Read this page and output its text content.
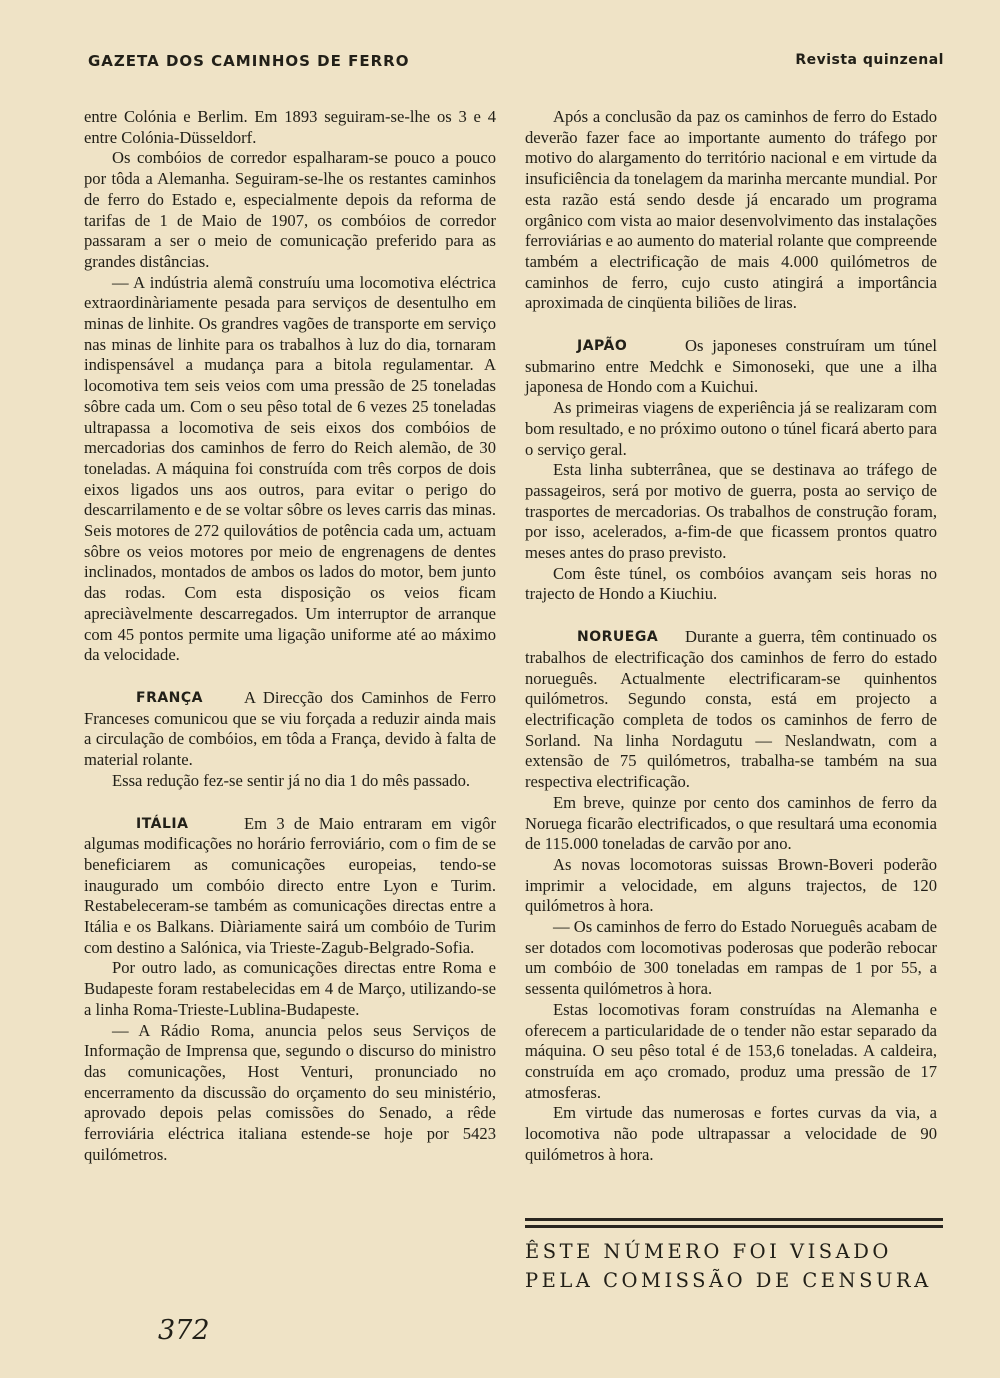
GAZETA DOS CAMINHOS DE FERRO	Revista quinzenal

entre Colónia e Berlim. Em 1893 seguiram-se-lhe os 3 e 4 entre Colónia-Düsseldorf.

Os combóios de corredor espalharam-se pouco a pouco por tôda a Alemanha. Seguiram-se-lhe os restantes caminhos de ferro do Estado e, especialmente depois da reforma de tarifas de 1 de Maio de 1907, os combóios de corredor passaram a ser o meio de comunicação preferido para as grandes distâncias.

— A indústria alemã construíu uma locomotiva eléctrica extraordinàriamente pesada para serviços de desentulho em minas de linhite. Os grandres vagões de transporte em serviço nas minas de linhite para os trabalhos à luz do dia, tornaram indispensável a mudança para a bitola regulamentar. A locomotiva tem seis veios com uma pressão de 25 toneladas sôbre cada um. Com o seu pêso total de 6 vezes 25 toneladas ultrapassa a locomotiva de seis eixos dos combóios de mercadorias dos caminhos de ferro do Reich alemão, de 30 toneladas. A máquina foi construída com três corpos de dois eixos ligados uns aos outros, para evitar o perigo do descarrilamento e de se voltar sôbre os leves carris das minas. Seis motores de 272 quilovátios de potência cada um, actuam sôbre os veios motores por meio de engrenagens de dentes inclinados, montados de ambos os lados do motor, bem junto das rodas. Com esta disposição os veios ficam apreciàvelmente descarregados. Um interruptor de arranque com 45 pontos permite uma ligação uniforme até ao máximo da velocidade.

FRANÇA	A Direcção dos Caminhos de Ferro Franceses comunicou que se viu forçada a reduzir ainda mais a circulação de combóios, em tôda a França, devido à falta de material rolante.

Essa redução fez-se sentir já no dia 1 do mês passado.

ITÁLIA	Em 3 de Maio entraram em vigôr algumas modificações no horário ferroviário, com o fim de se beneficiarem as comunicações europeias, tendo-se inaugurado um combóio directo entre Lyon e Turim. Restabeleceram-se também as comunicações directas entre a Itália e os Balkans. Diàriamente sairá um combóio de Turim com destino a Salónica, via Trieste-Zagub-Belgrado-Sofia.

Por outro lado, as comunicações directas entre Roma e Budapeste foram restabelecidas em 4 de Março, utilizando-se a linha Roma-Trieste-Lublina-Budapeste.

— A Rádio Roma, anuncia pelos seus Serviços de Informação de Imprensa que, segundo o discurso do ministro das comunicações, Host Venturi, pronunciado no encerramento da discussão do orçamento do seu ministério, aprovado depois pelas comissões do Senado, a rêde ferroviária eléctrica italiana estende-se hoje por 5423 quilómetros.

Após a conclusão da paz os caminhos de ferro do Estado deverão fazer face ao importante aumento do tráfego por motivo do alargamento do território nacional e em virtude da insuficiência da tonelagem da marinha mercante mundial. Por esta razão está sendo desde já encarado um programa orgânico com vista ao maior desenvolvimento das instalações ferroviárias e ao aumento do material rolante que compreende também a electrificação de mais 4.000 quilómetros de caminhos de ferro, cujo custo atingirá a importância aproximada de cinqüenta biliões de liras.

JAPÃO	Os japoneses construíram um túnel submarino entre Medchk e Simonoseki, que une a ilha japonesa de Hondo com a Kuichui.

As primeiras viagens de experiência já se realizaram com bom resultado, e no próximo outono o túnel ficará aberto para o serviço geral.

Esta linha subterrânea, que se destinava ao tráfego de passageiros, será por motivo de guerra, posta ao serviço de trasportes de mercadorias. Os trabalhos de construção foram, por isso, acelerados, a-fim-de que ficassem prontos quatro meses antes do praso previsto.

Com êste túnel, os combóios avançam seis horas no trajecto de Hondo a Kiuchiu.

NORUEGA	Durante a guerra, têm continuado os trabalhos de electrificação dos caminhos de ferro do estado norueguês. Actualmente electrificaram-se quinhentos quilómetros. Segundo consta, está em projecto a electrificação completa de todos os caminhos de ferro de Sorland. Na linha Nordagutu — Neslandwatn, com a extensão de 75 quilómetros, trabalha-se também na sua respectiva electrificação.

Em breve, quinze por cento dos caminhos de ferro da Noruega ficarão electrificados, o que resultará uma economia de 115.000 toneladas de carvão por ano.

As novas locomotoras suissas Brown-Boveri poderão imprimir a velocidade, em alguns trajectos, de 120 quilómetros à hora.

— Os caminhos de ferro do Estado Norueguês acabam de ser dotados com locomotivas poderosas que poderão rebocar um combóio de 300 toneladas em rampas de 1 por 55, a sessenta quilómetros à hora.

Estas locomotivas foram construídas na Alemanha e oferecem a particularidade de o tender não estar separado da máquina. O seu pêso total é de 153,6 toneladas. A caldeira, construída em aço cromado, produz uma pressão de 17 atmosferas.

Em virtude das numerosas e fortes curvas da via, a locomotiva não pode ultrapassar a velocidade de 90 quilómetros à hora.

ÊSTE NÚMERO FOI VISADO
PELA COMISSÃO DE CENSURA
372
